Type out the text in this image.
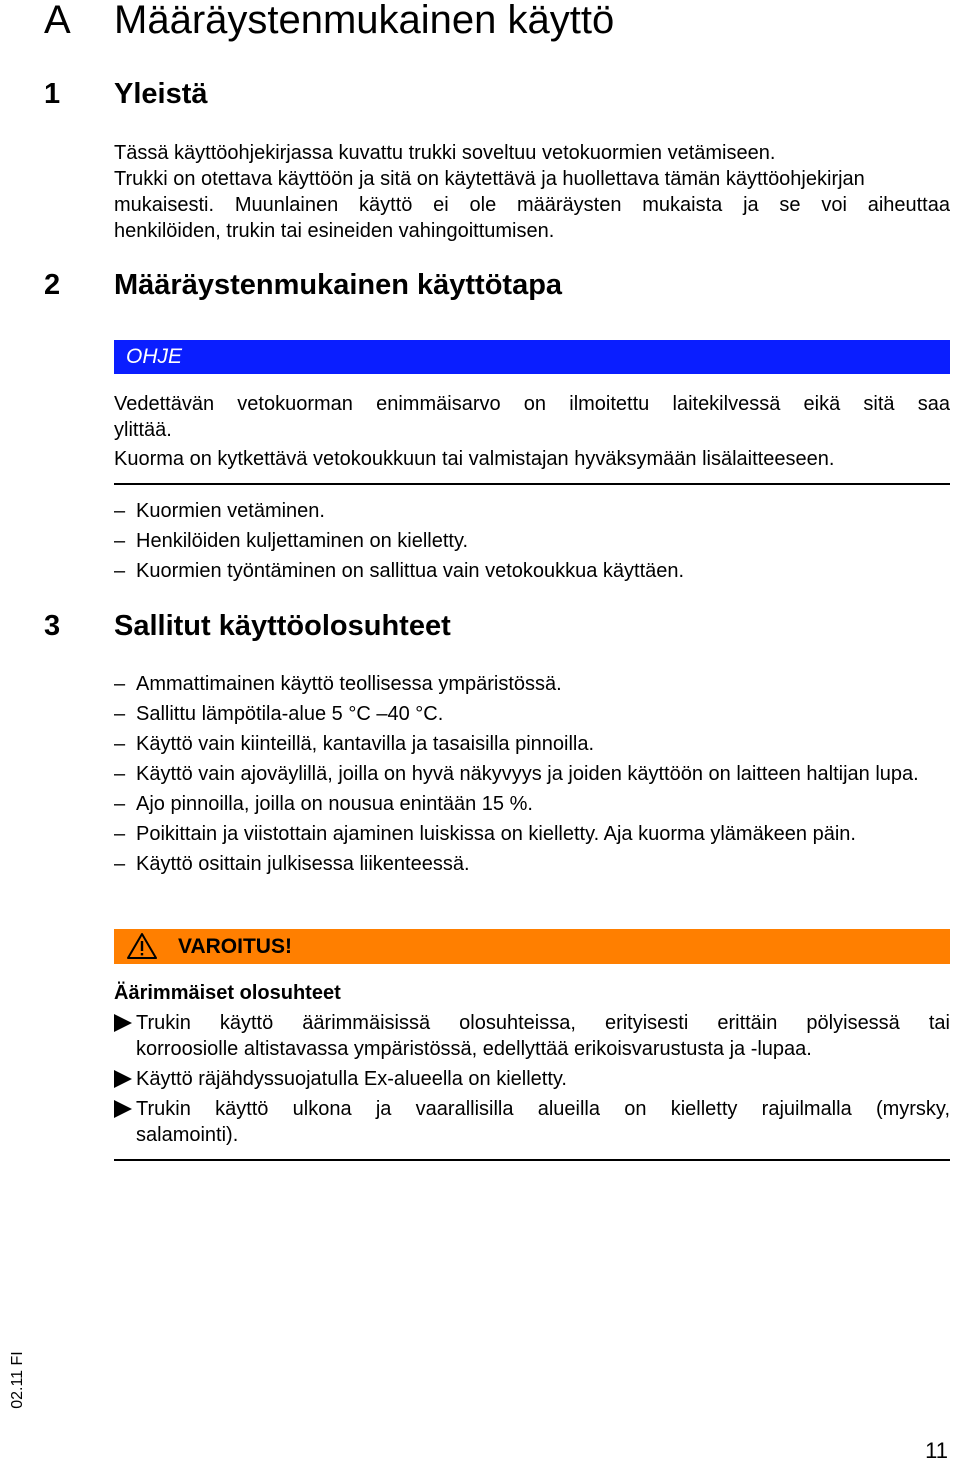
A Määräystenmukainen käyttö
1 Yleistä
Tässä käyttöohjekirjassa kuvattu trukki soveltuu vetokuormien vetämiseen.
Trukki on otettava käyttöön ja sitä on käytettävä ja huollettava tämän käyttöohjekirjan
mukaisesti. Muunlainen käyttö ei ole määräysten mukaista ja se voi aiheuttaa
henkilöiden, trukin tai esineiden vahingoittumisen.
2 Määräystenmukainen käyttötapa
OHJE
Vedettävän vetokuorman enimmäisarvo on ilmoitettu laitekilvessä eikä sitä saa
ylittää.
Kuorma on kytkettävä vetokoukkuun tai valmistajan hyväksymään lisälaitteeseen.
– Kuormien vetäminen.
– Henkilöiden kuljettaminen on kielletty.
– Kuormien työntäminen on sallittua vain vetokoukkua käyttäen.
3 Sallitut käyttöolosuhteet
– Ammattimainen käyttö teollisessa ympäristössä.
– Sallittu lämpötila-alue 5 °C –40 °C.
– Käyttö vain kiinteillä, kantavilla ja tasaisilla pinnoilla.
– Käyttö vain ajoväylillä, joilla on hyvä näkyvyys ja joiden käyttöön on laitteen haltijan lupa.
– Ajo pinnoilla, joilla on nousua enintään 15 %.
– Poikittain ja viistottain ajaminen luiskissa on kielletty. Aja kuorma ylämäkeen päin.
– Käyttö osittain julkisessa liikenteessä.
VAROITUS!
Äärimmäiset olosuhteet
Trukin käyttö äärimmäisissä olosuhteissa, erityisesti erittäin pölyisessä tai
korroosiolle altistavassa ympäristössä, edellyttää erikoisvarustusta ja -lupaa.
Käyttö räjähdyssuojatulla Ex-alueella on kielletty.
Trukin käyttö ulkona ja vaarallisilla alueilla on kielletty rajuilmalla (myrsky,
salamointi).
02.11 FI
11
